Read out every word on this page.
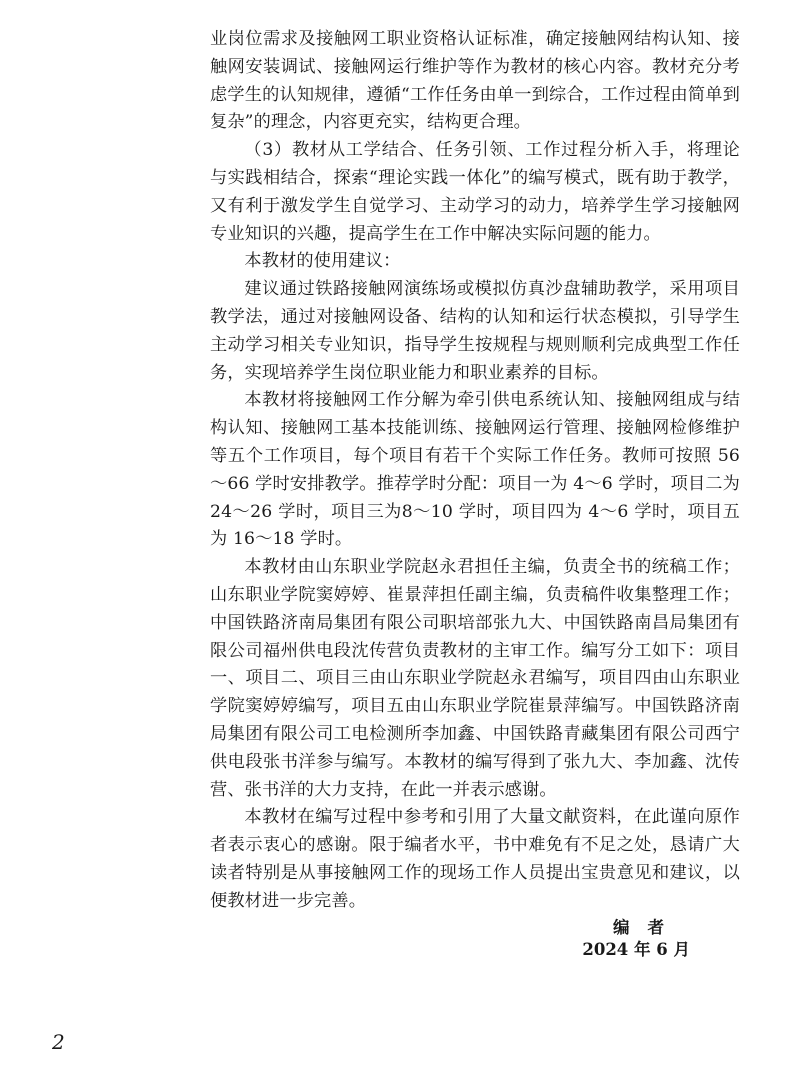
业岗位需求及接触网工职业资格认证标准，确定接触网结构认知、接触网安装调试、接触网运行维护等作为教材的核心内容。教材充分考虑学生的认知规律，遵循“工作任务由单一到综合，工作过程由简单到复杂”的理念，内容更充实，结构更合理。

（3）教材从工学结合、任务引领、工作过程分析入手，将理论与实践相结合，探索“理论实践一体化”的编写模式，既有助于教学，又有利于激发学生自觉学习、主动学习的动力，培养学生学习接触网专业知识的兴趣，提高学生在工作中解决实际问题的能力。

本教材的使用建议：

建议通过铁路接触网演练场或模拟仿真沙盘辅助教学，采用项目教学法，通过对接触网设备、结构的认知和运行状态模拟，引导学生主动学习相关专业知识，指导学生按规程与规则顺利完成典型工作任务，实现培养学生岗位职业能力和职业素养的目标。

本教材将接触网工作分解为牵引供电系统认知、接触网组成与结构认知、接触网工基本技能训练、接触网运行管理、接触网检修维护等五个工作项目，每个项目有若干个实际工作任务。教师可按照 56～66 学时安排教学。推荐学时分配：项目一为 4～6 学时，项目二为 24～26 学时，项目三为8～10 学时，项目四为 4～6 学时，项目五为 16～18 学时。

本教材由山东职业学院赵永君担任主编，负责全书的统稿工作；山东职业学院窦婷婷、崔景萍担任副主编，负责稿件收集整理工作；中国铁路济南局集团有限公司职培部张九大、中国铁路南昌局集团有限公司福州供电段沈传营负责教材的主审工作。编写分工如下：项目一、项目二、项目三由山东职业学院赵永君编写，项目四由山东职业学院窦婷婷编写，项目五由山东职业学院崔景萍编写。中国铁路济南局集团有限公司工电检测所李加鑫、中国铁路青藏集团有限公司西宁供电段张书洋参与编写。本教材的编写得到了张九大、李加鑫、沈传营、张书洋的大力支持，在此一并表示感谢。

本教材在编写过程中参考和引用了大量文献资料，在此谨向原作者表示衷心的感谢。限于编者水平，书中难免有不足之处，恳请广大读者特别是从事接触网工作的现场工作人员提出宝贵意见和建议，以便教材进一步完善。

编者
2024 年 6 月
2
